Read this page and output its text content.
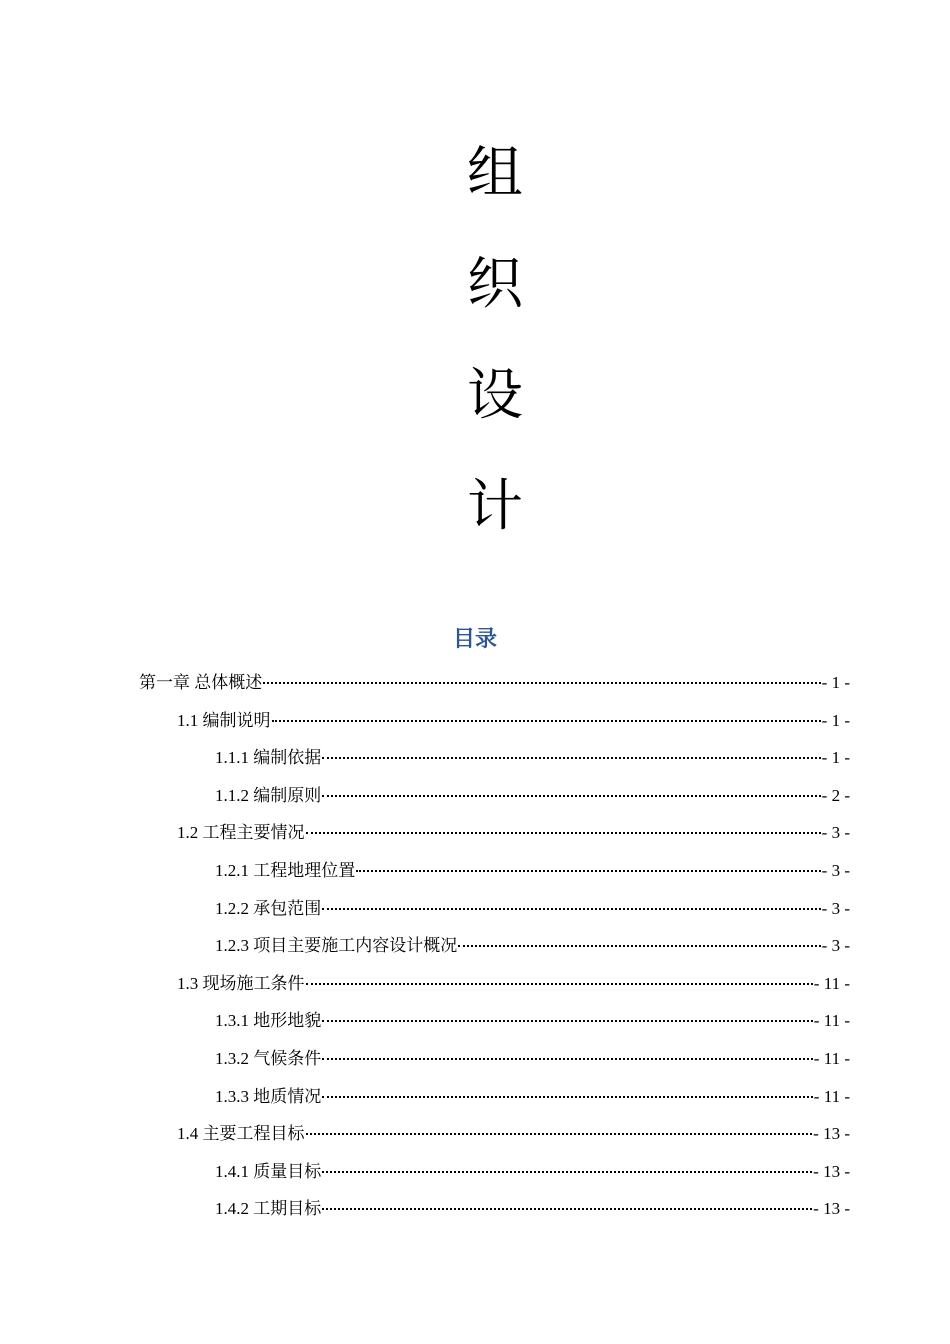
组
织
设
计
目录
第一章 总体概述	- 1 -
1.1 编制说明	- 1 -
1.1.1 编制依据	- 1 -
1.1.2 编制原则	- 2 -
1.2 工程主要情况	- 3 -
1.2.1 工程地理位置	- 3 -
1.2.2 承包范围	- 3 -
1.2.3 项目主要施工内容设计概况	- 3 -
1.3 现场施工条件	- 11 -
1.3.1 地形地貌	- 11 -
1.3.2 气候条件	- 11 -
1.3.3 地质情况	- 11 -
1.4 主要工程目标	- 13 -
1.4.1 质量目标	- 13 -
1.4.2 工期目标	- 13 -
